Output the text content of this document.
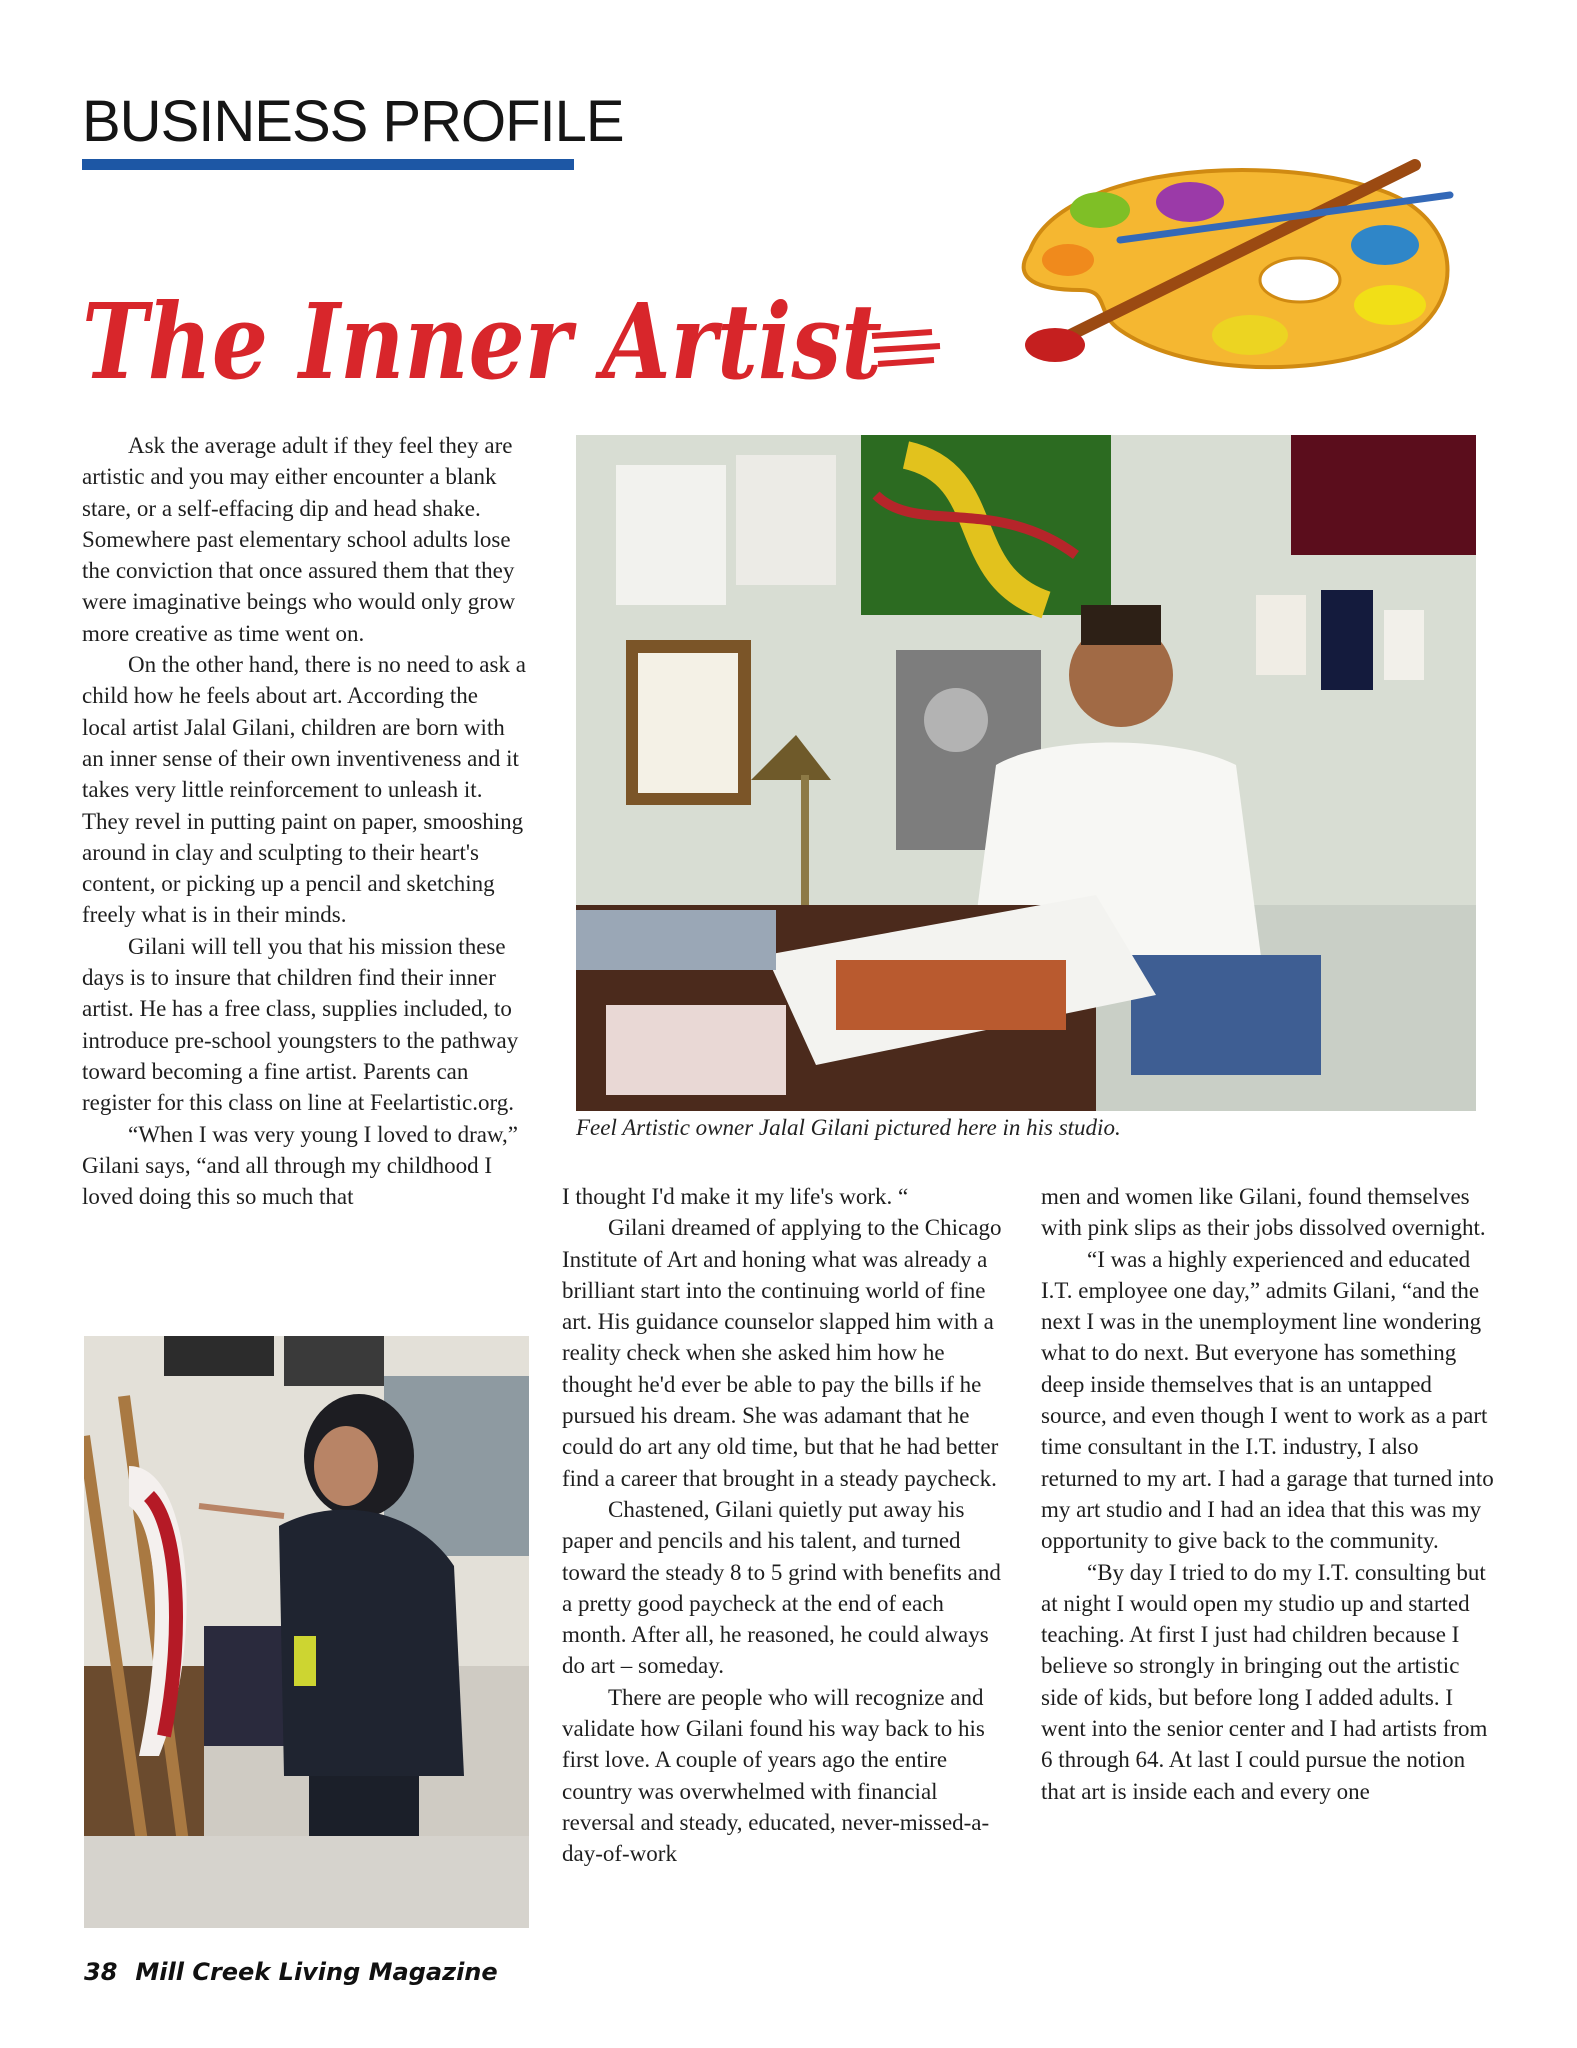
BUSINESS PROFILE
The Inner Artist

Feel Artistic owner Jalal Gilani pictured here in his studio.

Ask the average adult if they feel they are artistic and you may either encounter a blank stare, or a self-effacing dip and head shake. Somewhere past elementary school adults lose the conviction that once assured them that they were imaginative beings who would only grow more creative as time went on.

On the other hand, there is no need to ask a child how he feels about art. According the local artist Jalal Gilani, children are born with an inner sense of their own inventiveness and it takes very little reinforcement to unleash it. They revel in putting paint on paper, smooshing around in clay and sculpting to their heart's content, or picking up a pencil and sketching freely what is in their minds.

Gilani will tell you that his mission these days is to insure that children find their inner artist. He has a free class, supplies included, to introduce pre-school youngsters to the pathway toward becoming a fine artist. Parents can register for this class on line at Feelartistic.org.

“When I was very young I loved to draw,” Gilani says, “and all through my childhood I loved doing this so much that	I thought I'd make it my life's work. “

Gilani dreamed of applying to the Chicago Institute of Art and honing what was already a brilliant start into the continuing world of fine art. His guidance counselor slapped him with a reality check when she asked him how he thought he'd ever be able to pay the bills if he pursued his dream. She was adamant that he could do art any old time, but that he had better find a career that brought in a steady paycheck.

Chastened, Gilani quietly put away his paper and pencils and his talent, and turned toward the steady 8 to 5 grind with benefits and a pretty good paycheck at the end of each month. After all, he reasoned, he could always do art – someday.

There are people who will recognize and validate how Gilani found his way back to his first love. A couple of years ago the entire country was overwhelmed with financial reversal and steady, educated, never-missed-a-day-of-work

men and women like Gilani, found themselves with pink slips as their jobs dissolved overnight.

“I was a highly experienced and educated I.T. employee one day,” admits Gilani, “and the next I was in the unemployment line wondering what to do next. But everyone has something deep inside themselves that is an untapped source, and even though I went to work as a part time consultant in the I.T. industry, I also returned to my art. I had a garage that turned into my art studio and I had an idea that this was my opportunity to give back to the community.

“By day I tried to do my I.T. consulting but at night I would open my studio up and started teaching. At first I just had children because I believe so strongly in bringing out the artistic side of kids, but before long I added adults. I went into the senior center and I had artists from 6 through 64. At last I could pursue the notion that art is inside each and every one

38 Mill Creek Living Magazine
